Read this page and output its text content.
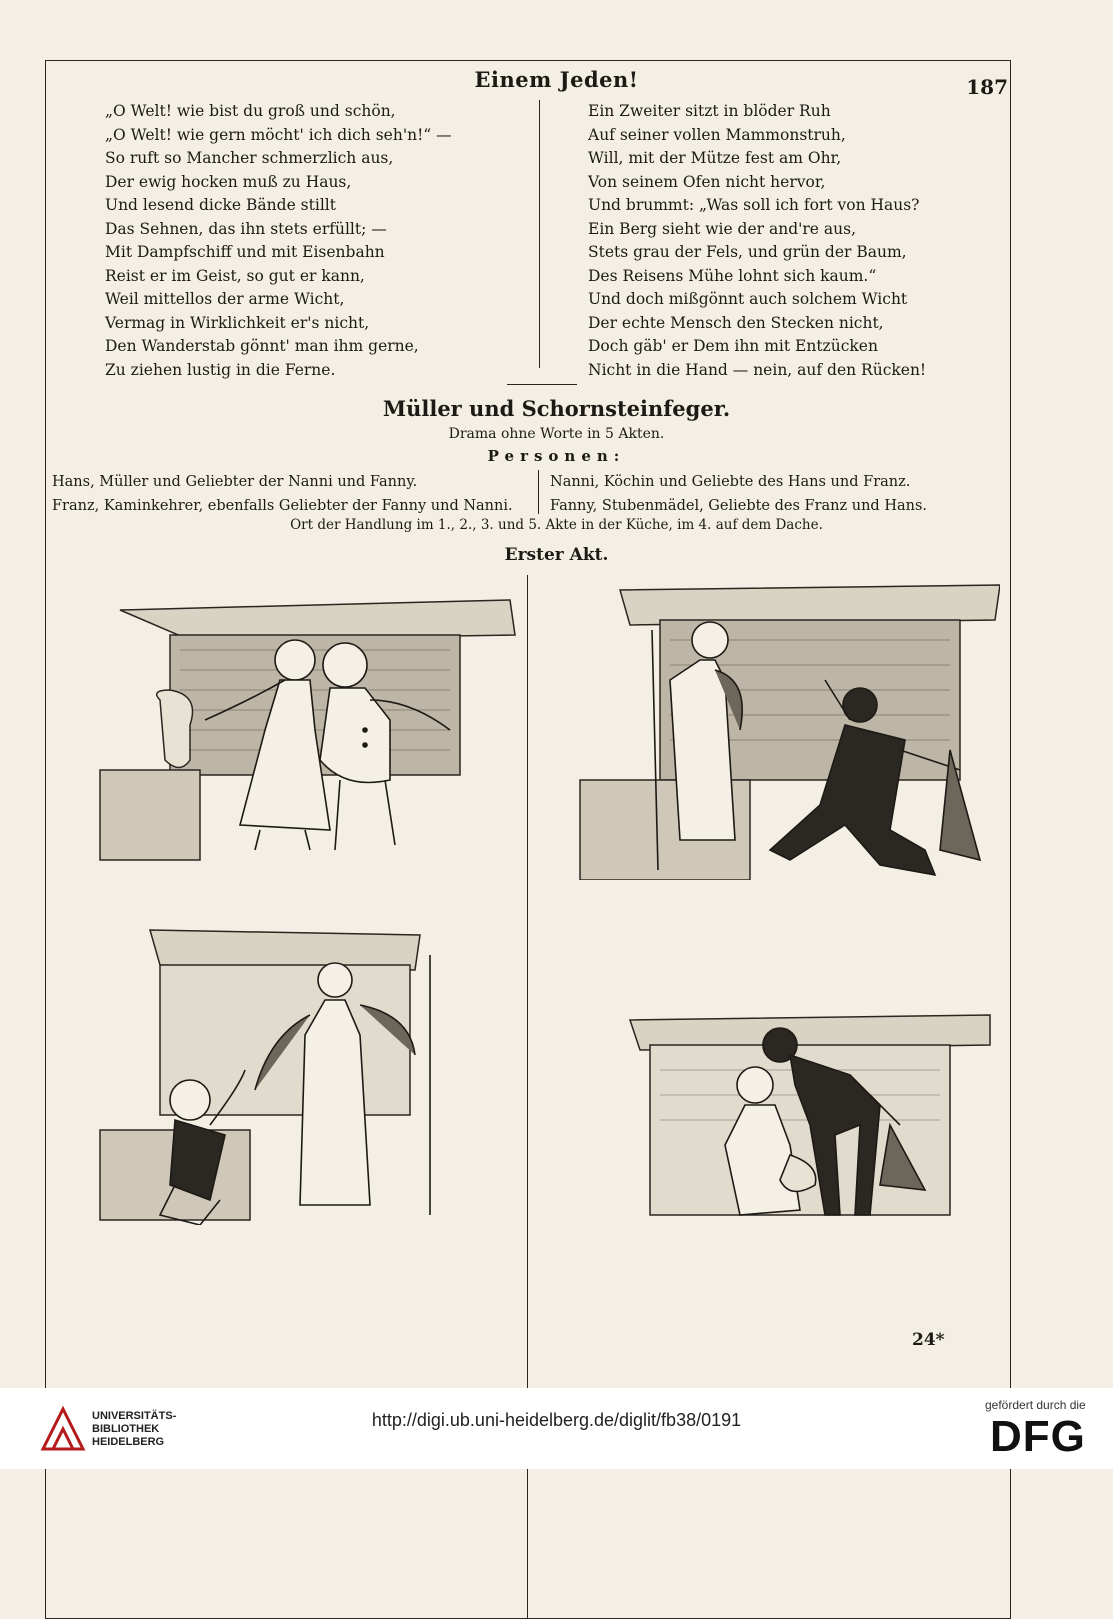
Einem Jeden!	187
„O Welt! wie bist du groß und schön,
„O Welt! wie gern möcht' ich dich seh'n!“ —
So ruft so Mancher schmerzlich aus,
Der ewig hocken muß zu Haus,
Und lesend dicke Bände stillt
Das Sehnen, das ihn stets erfüllt; —
Mit Dampfschiff und mit Eisenbahn
Reist er im Geist, so gut er kann,
Weil mittellos der arme Wicht,
Vermag in Wirklichkeit er's nicht,
Den Wanderstab gönnt' man ihm gerne,
Zu ziehen lustig in die Ferne.
Ein Zweiter sitzt in blöder Ruh
Auf seiner vollen Mammonstruh,
Will, mit der Mütze fest am Ohr,
Von seinem Ofen nicht hervor,
Und brummt: „Was soll ich fort von Haus?
Ein Berg sieht wie der and're aus,
Stets grau der Fels, und grün der Baum,
Des Reisens Mühe lohnt sich kaum.“
Und doch mißgönnt auch solchem Wicht
Der echte Mensch den Stecken nicht,
Doch gäb' er Dem ihn mit Entzücken
Nicht in die Hand — nein, auf den Rücken!
Müller und Schornsteinfeger.
Drama ohne Worte in 5 Akten.
Personen:
Hans, Müller und Geliebter der Nanni und Fanny.
Franz, Kaminkehrer, ebenfalls Geliebter der Fanny und Nanni.
Nanni, Köchin und Geliebte des Hans und Franz.
Fanny, Stubenmädel, Geliebte des Franz und Hans.
Ort der Handlung im 1., 2., 3. und 5. Akte in der Küche, im 4. auf dem Dache.
Erster Akt.
24*
UNIVERSITÄTS-
BIBLIOTHEK
HEIDELBERG
http://digi.ub.uni-heidelberg.de/diglit/fb38/0191
gefördert durch die
DFG
